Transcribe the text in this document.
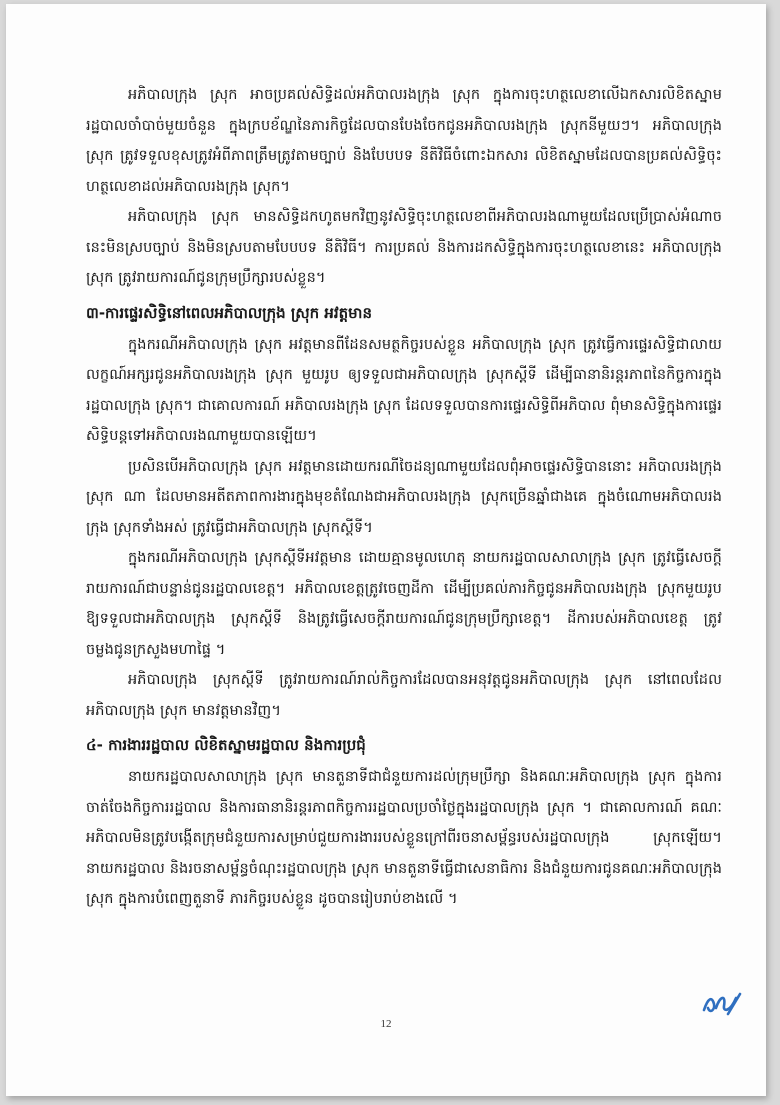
អភិបាលក្រុង ស្រុក អាចប្រគល់សិទ្ធិដល់អភិបាលរងក្រុង ស្រុក ក្នុងការចុះហត្ថលេខាលើឯកសារលិខិតស្នាមរដ្ឋបាលចាំបាច់មួយចំនួន ក្នុងក្របខ័ណ្ឌនៃភារកិច្ចដែលបានបែងចែកជូនអភិបាលរងក្រុង ស្រុកនីមួយៗ។ អភិបាលក្រុង ស្រុក ត្រូវទទួលខុសត្រូវអំពីភាពត្រឹមត្រូវតាមច្បាប់ និងបែបបទ នីតិវិធីចំពោះឯកសារ លិខិតស្នាមដែលបានប្រគល់សិទ្ធិចុះហត្ថលេខាដល់អភិបាលរងក្រុង ស្រុក។

អភិបាលក្រុង ស្រុក មានសិទ្ធិដកហូតមកវិញនូវសិទ្ធិចុះហត្ថលេខាពីអភិបាលរងណាមួយដែលប្រើប្រាស់អំណាចនេះមិនស្របច្បាប់ និងមិនស្របតាមបែបបទ នីតិវិធី។ ការប្រគល់ និងការដកសិទ្ធិក្នុងការចុះហត្ថលេខានេះ អភិបាលក្រុង ស្រុក ត្រូវរាយការណ៍ជូនក្រុមប្រឹក្សារបស់ខ្លួន។

៣-ការផ្ទេរសិទ្ធិនៅពេលអភិបាលក្រុង ស្រុក អវត្តមាន

ក្នុងករណីអភិបាលក្រុង ស្រុក អវត្តមានពីដែនសមត្ថកិច្ចរបស់ខ្លួន អភិបាលក្រុង ស្រុក ត្រូវធ្វើការផ្ទេរសិទ្ធិជាលាយលក្ខណ៍អក្សរជូនអភិបាលរងក្រុង ស្រុក មួយរូប ឲ្យទទួលជាអភិបាលក្រុង ស្រុកស្តីទី ដើម្បីធានានិរន្តរភាពនៃកិច្ចការក្នុងរដ្ឋបាលក្រុង ស្រុក។ ជាគោលការណ៍ អភិបាលរងក្រុង ស្រុក ដែលទទួលបានការផ្ទេរសិទ្ធិពីអភិបាល ពុំមានសិទ្ធិក្នុងការផ្ទេរសិទ្ធិបន្តទៅអភិបាលរងណាមួយបានឡើយ។

ប្រសិនបើអភិបាលក្រុង ស្រុក អវត្តមានដោយករណីចៃដន្យណាមួយដែលពុំអាចផ្ទេរសិទ្ធិបាននោះ អភិបាលរងក្រុង ស្រុក ណា ដែលមានអតីតភាពការងារក្នុងមុខតំណែងជាអភិបាលរងក្រុង ស្រុកច្រើនឆ្នាំជាងគេ ក្នុងចំណោមអភិបាលរងក្រុង ស្រុកទាំងអស់ ត្រូវធ្វើជាអភិបាលក្រុង ស្រុកស្តីទី។

ក្នុងករណីអភិបាលក្រុង ស្រុកស្តីទីអវត្តមាន ដោយគ្មានមូលហេតុ នាយករដ្ឋបាលសាលាក្រុង ស្រុក ត្រូវធ្វើសេចក្តីរាយការណ៍ជាបន្ទាន់ជូនរដ្ឋបាលខេត្ត។ អភិបាលខេត្តត្រូវចេញដីកា ដើម្បីប្រគល់ភារកិច្ចជូនអភិបាលរងក្រុង ស្រុកមួយរូប ឱ្យទទួលជាអភិបាលក្រុង ស្រុកស្តីទី និងត្រូវធ្វើសេចក្តីរាយការណ៍ជូនក្រុមប្រឹក្សាខេត្ត។ ដីការបស់អភិបាលខេត្ត ត្រូវចម្លងជូនក្រសួងមហាផ្ទៃ ។

អភិបាលក្រុង ស្រុកស្តីទី ត្រូវរាយការណ៍រាល់កិច្ចការដែលបានអនុវត្តជូនអភិបាលក្រុង ស្រុក នៅពេលដែលអភិបាលក្រុង ស្រុក មានវត្តមានវិញ។

៤- ការងាររដ្ឋបាល លិខិតស្នាមរដ្ឋបាល និងការប្រជុំ

នាយករដ្ឋបាលសាលាក្រុង ស្រុក មានតួនាទីជាជំនួយការដល់ក្រុមប្រឹក្សា និងគណៈអភិបាលក្រុង ស្រុក ក្នុងការចាត់ចែងកិច្ចការរដ្ឋបាល និងការធានានិរន្តរភាពកិច្ចការរដ្ឋបាលប្រចាំថ្ងៃក្នុងរដ្ឋបាលក្រុង ស្រុក ។ ជាគោលការណ៍ គណៈអភិបាលមិនត្រូវបង្កើតក្រុមជំនួយការសម្រាប់ជួយការងាររបស់ខ្លួនក្រៅពីរចនាសម្ព័ន្ធរបស់រដ្ឋបាលក្រុង ស្រុកឡើយ។ នាយករដ្ឋបាល និងរចនាសម្ព័ន្ធចំណុះរដ្ឋបាលក្រុង ស្រុក មានតួនាទីធ្វើជាសេនាធិការ និងជំនួយការជូនគណៈអភិបាលក្រុង ស្រុក ក្នុងការបំពេញតួនាទី ភារកិច្ចរបស់ខ្លួន ដូចបានរៀបរាប់ខាងលើ ។

12
